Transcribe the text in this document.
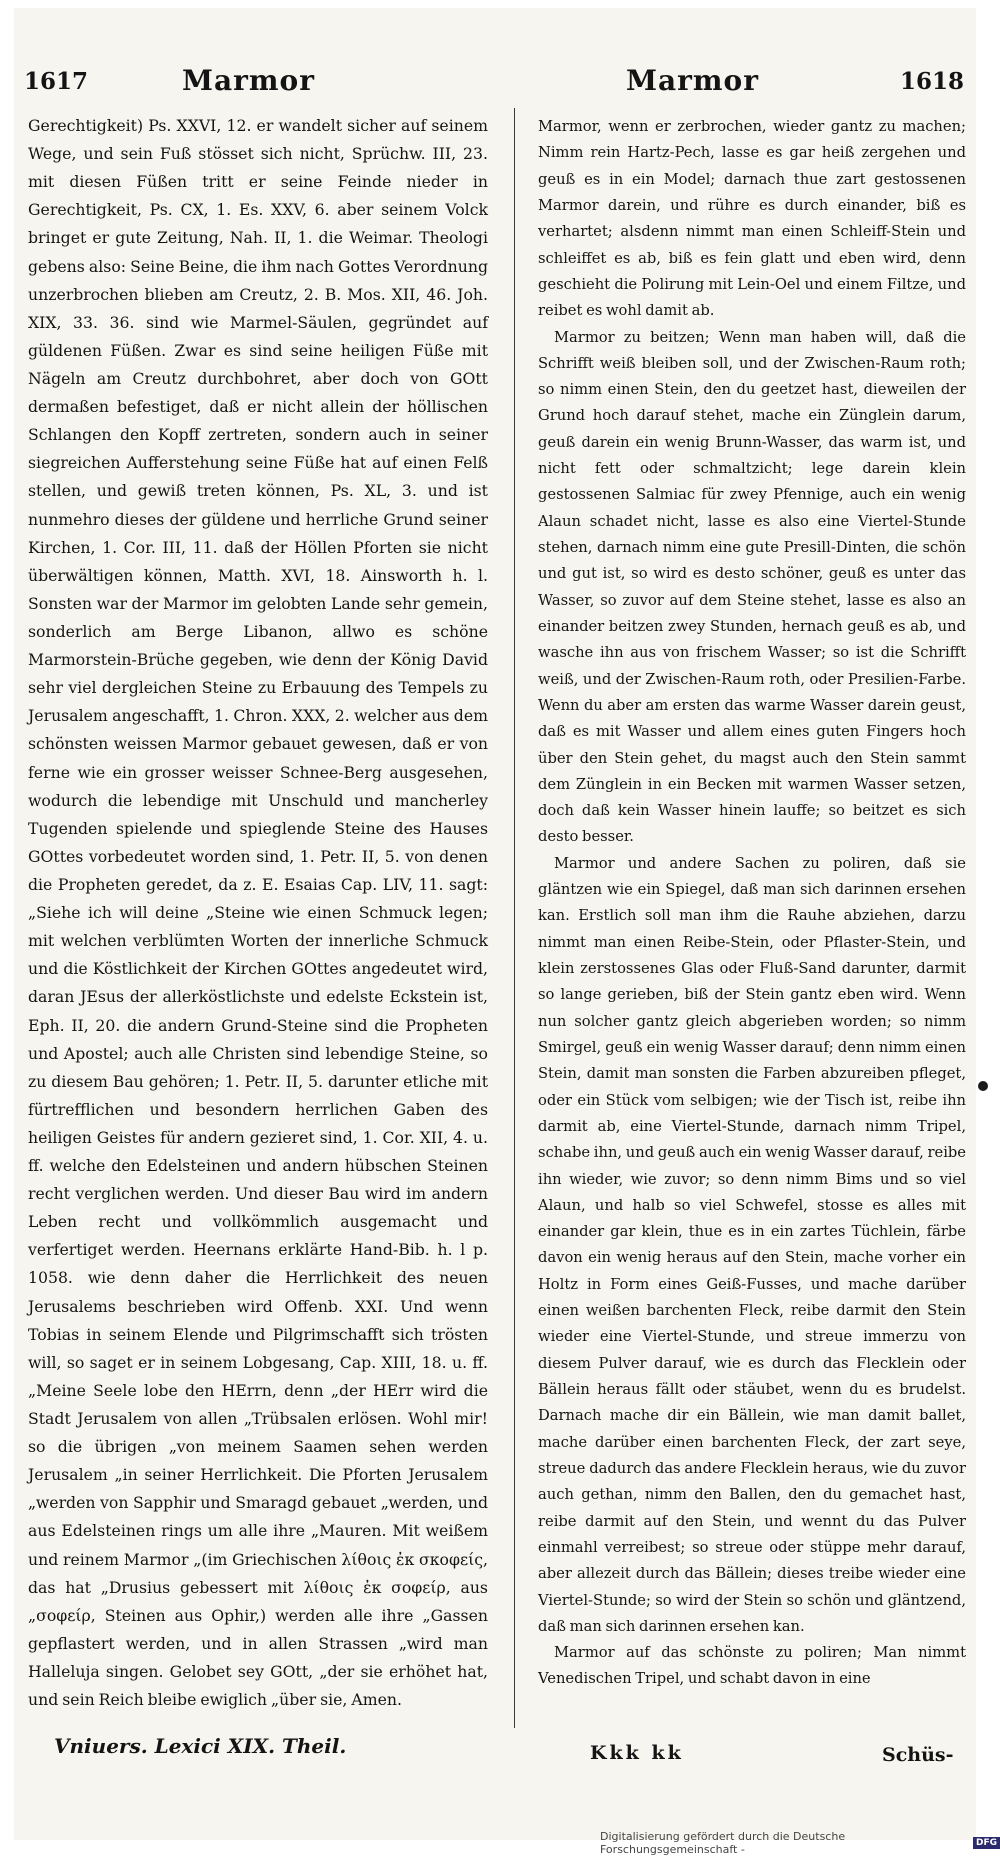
1617	Marmor	Marmor	1618

Gerechtigkeit) Ps. XXVI, 12. er wandelt sicher auf seinem Wege, und sein Fuß stösset sich nicht, Sprüchw. III, 23. mit diesen Füßen tritt er seine Feinde nieder in Gerechtigkeit, Ps. CX, 1. Es. XXV, 6. aber seinem Volck bringet er gute Zeitung, Nah. II, 1. die Weimar. Theologi gebens also: Seine Beine, die ihm nach Gottes Verordnung unzerbrochen blieben am Creutz, 2. B. Mos. XII, 46. Joh. XIX, 33. 36. sind wie Marmel-Säulen, gegründet auf güldenen Füßen. Zwar es sind seine heiligen Füße mit Nägeln am Creutz durchbohret, aber doch von GOtt dermaßen befestiget, daß er nicht allein der höllischen Schlangen den Kopff zertreten, sondern auch in seiner siegreichen Aufferstehung seine Füße hat auf einen Felß stellen, und gewiß treten können, Ps. XL, 3. und ist nunmehro dieses der güldene und herrliche Grund seiner Kirchen, 1. Cor. III, 11. daß der Höllen Pforten sie nicht überwältigen können, Matth. XVI, 18. Ainsworth h. l. Sonsten war der Marmor im gelobten Lande sehr gemein, sonderlich am Berge Libanon, allwo es schöne Marmorstein-Brüche gegeben, wie denn der König David sehr viel dergleichen Steine zu Erbauung des Tempels zu Jerusalem angeschafft, 1. Chron. XXX, 2. welcher aus dem schönsten weissen Marmor gebauet gewesen, daß er von ferne wie ein grosser weisser Schnee-Berg ausgesehen, wodurch die lebendige mit Unschuld und mancherley Tugenden spielende und spieglende Steine des Hauses GOttes vorbedeutet worden sind, 1. Petr. II, 5. von denen die Propheten geredet, da z. E. Esaias Cap. LIV, 11. sagt: „Siehe ich will deine „Steine wie einen Schmuck legen; mit welchen verblümten Worten der innerliche Schmuck und die Köstlichkeit der Kirchen GOttes angedeutet wird, daran JEsus der allerköstlichste und edelste Eckstein ist, Eph. II, 20. die andern Grund-Steine sind die Propheten und Apostel; auch alle Christen sind lebendige Steine, so zu diesem Bau gehören; 1. Petr. II, 5. darunter etliche mit fürtrefflichen und besondern herrlichen Gaben des heiligen Geistes für andern gezieret sind, 1. Cor. XII, 4. u. ff. welche den Edelsteinen und andern hübschen Steinen recht verglichen werden. Und dieser Bau wird im andern Leben recht und vollkömmlich ausgemacht und verfertiget werden. Heernans erklärte Hand-Bib. h. l p. 1058. wie denn daher die Herrlichkeit des neuen Jerusalems beschrieben wird Offenb. XXI. Und wenn Tobias in seinem Elende und Pilgrimschafft sich trösten will, so saget er in seinem Lobgesang, Cap. XIII, 18. u. ff. „Meine Seele lobe den HErrn, denn „der HErr wird die Stadt Jerusalem von allen „Trübsalen erlösen. Wohl mir! so die übrigen „von meinem Saamen sehen werden Jerusalem „in seiner Herrlichkeit. Die Pforten Jerusalem „werden von Sapphir und Smaragd gebauet „werden, und aus Edelsteinen rings um alle ihre „Mauren. Mit weißem und reinem Marmor „(im Griechischen λίθοις ἐκ σκοφείς, das hat „Drusius gebessert mit λίθοις ἐκ σοφείρ, aus „σοφείρ, Steinen aus Ophir,) werden alle ihre „Gassen gepflastert werden, und in allen Strassen „wird man Halleluja singen. Gelobet sey GOtt, „der sie erhöhet hat, und sein Reich bleibe ewiglich „über sie, Amen.

Marmor, wenn er zerbrochen, wieder gantz zu machen; Nimm rein Hartz-Pech, lasse es gar heiß zergehen und geuß es in ein Model; darnach thue zart gestossenen Marmor darein, und rühre es durch einander, biß es verhartet; alsdenn nimmt man einen Schleiff-Stein und schleiffet es ab, biß es fein glatt und eben wird, denn geschieht die Polirung mit Lein-Oel und einem Filtze, und reibet es wohl damit ab.

Marmor zu beitzen; Wenn man haben will, daß die Schrifft weiß bleiben soll, und der Zwischen-Raum roth; so nimm einen Stein, den du geetzet hast, dieweilen der Grund hoch darauf stehet, mache ein Zünglein darum, geuß darein ein wenig Brunn-Wasser, das warm ist, und nicht fett oder schmaltzicht; lege darein klein gestossenen Salmiac für zwey Pfennige, auch ein wenig Alaun schadet nicht, lasse es also eine Viertel-Stunde stehen, darnach nimm eine gute Presill-Dinten, die schön und gut ist, so wird es desto schöner, geuß es unter das Wasser, so zuvor auf dem Steine stehet, lasse es also an einander beitzen zwey Stunden, hernach geuß es ab, und wasche ihn aus von frischem Wasser; so ist die Schrifft weiß, und der Zwischen-Raum roth, oder Presilien-Farbe. Wenn du aber am ersten das warme Wasser darein geust, daß es mit Wasser und allem eines guten Fingers hoch über den Stein gehet, du magst auch den Stein sammt dem Zünglein in ein Becken mit warmen Wasser setzen, doch daß kein Wasser hinein lauffe; so beitzet es sich desto besser.

Marmor und andere Sachen zu poliren, daß sie gläntzen wie ein Spiegel, daß man sich darinnen ersehen kan. Erstlich soll man ihm die Rauhe abziehen, darzu nimmt man einen Reibe-Stein, oder Pflaster-Stein, und klein zerstossenes Glas oder Fluß-Sand darunter, darmit so lange gerieben, biß der Stein gantz eben wird. Wenn nun solcher gantz gleich abgerieben worden; so nimm Smirgel, geuß ein wenig Wasser darauf; denn nimm einen Stein, damit man sonsten die Farben abzureiben pfleget, oder ein Stück vom selbigen; wie der Tisch ist, reibe ihn darmit ab, eine Viertel-Stunde, darnach nimm Tripel, schabe ihn, und geuß auch ein wenig Wasser darauf, reibe ihn wieder, wie zuvor; so denn nimm Bims und so viel Alaun, und halb so viel Schwefel, stosse es alles mit einander gar klein, thue es in ein zartes Tüchlein, färbe davon ein wenig heraus auf den Stein, mache vorher ein Holtz in Form eines Geiß-Fusses, und mache darüber einen weißen barchenten Fleck, reibe darmit den Stein wieder eine Viertel-Stunde, und streue immerzu von diesem Pulver darauf, wie es durch das Flecklein oder Bällein heraus fällt oder stäubet, wenn du es brudelst. Darnach mache dir ein Bällein, wie man damit ballet, mache darüber einen barchenten Fleck, der zart seye, streue dadurch das andere Flecklein heraus, wie du zuvor auch gethan, nimm den Ballen, den du gemachet hast, reibe darmit auf den Stein, und wennt du das Pulver einmahl verreibest; so streue oder stüppe mehr darauf, aber allezeit durch das Bällein; dieses treibe wieder eine Viertel-Stunde; so wird der Stein so schön und gläntzend, daß man sich darinnen ersehen kan.

Marmor auf das schönste zu poliren; Man nimmt Venedischen Tripel, und schabt davon in eine

Vniuers. Lexici XIX. Theil.	Kkk kk	Schüs-
Digitalisierung gefördert durch die Deutsche Forschungsgemeinschaft -	DFG
